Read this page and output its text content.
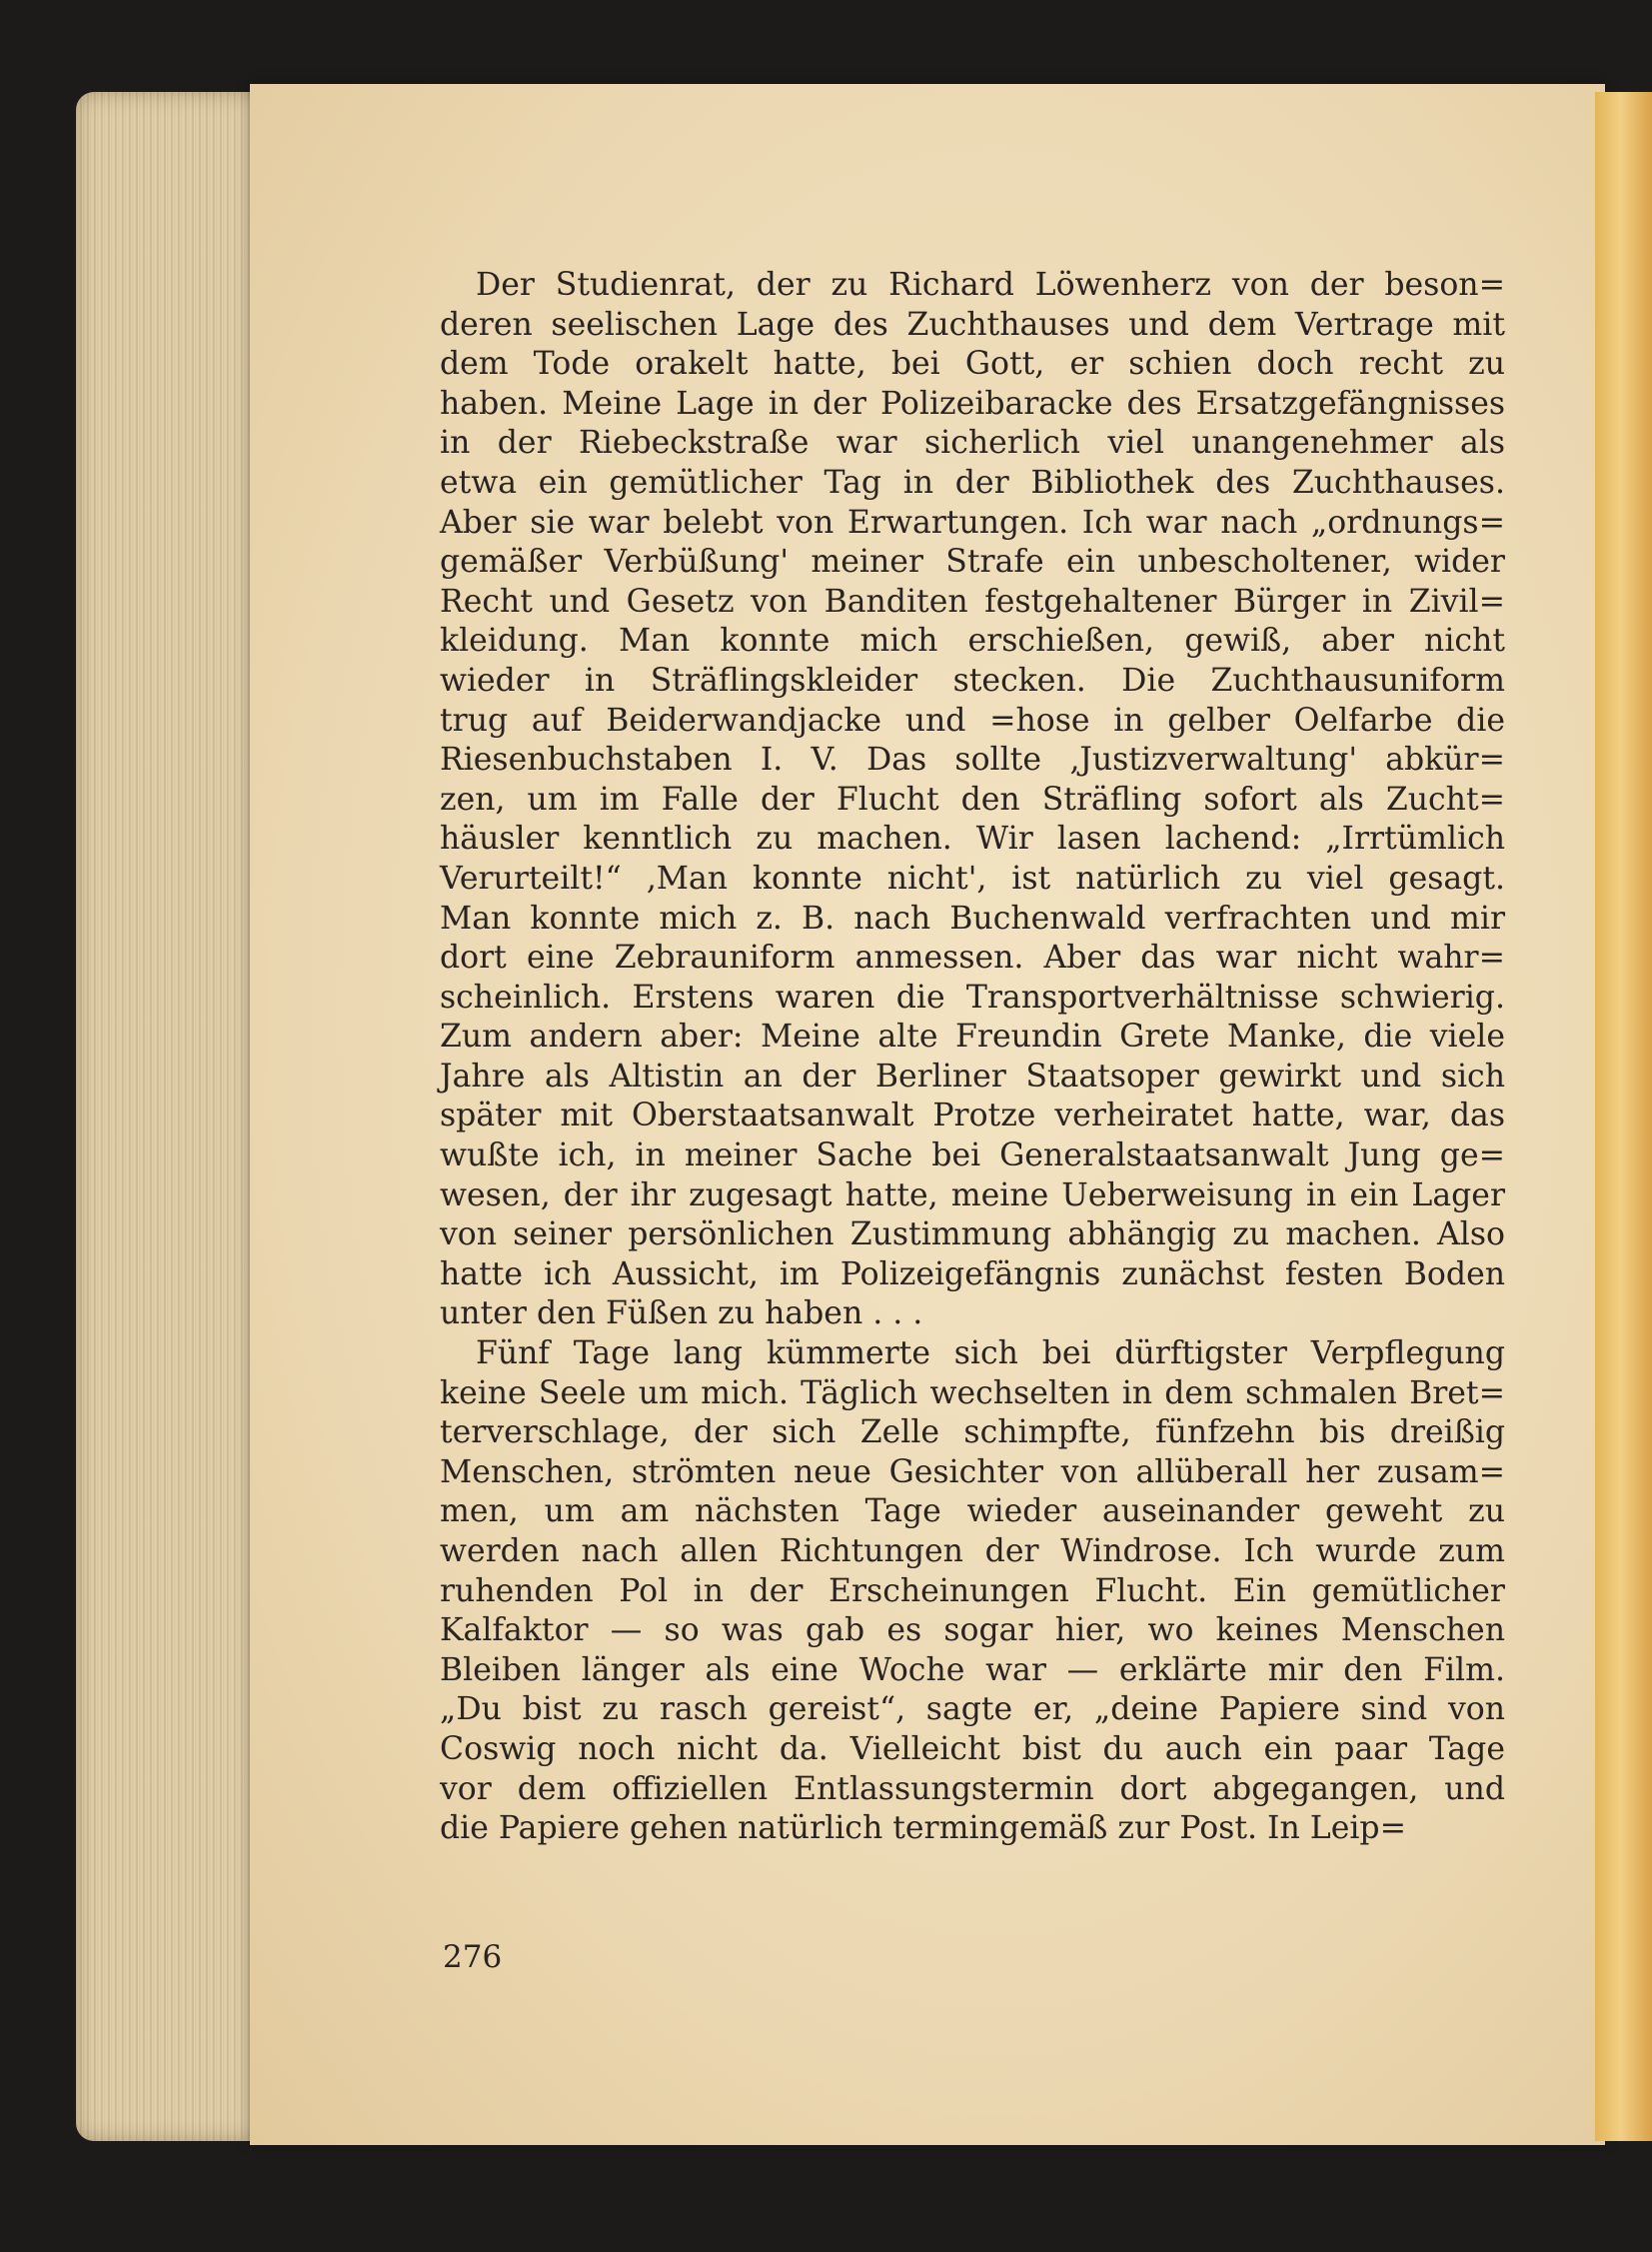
Der Studienrat, der zu Richard Löwenherz von der beson=
deren seelischen Lage des Zuchthauses und dem Vertrage mit
dem Tode orakelt hatte, bei Gott, er schien doch recht zu
haben. Meine Lage in der Polizeibaracke des Ersatzgefängnisses
in der Riebeckstraße war sicherlich viel unangenehmer als
etwa ein gemütlicher Tag in der Bibliothek des Zuchthauses.
Aber sie war belebt von Erwartungen. Ich war nach „ordnungs=
gemäßer Verbüßung' meiner Strafe ein unbescholtener, wider
Recht und Gesetz von Banditen festgehaltener Bürger in Zivil=
kleidung. Man konnte mich erschießen, gewiß, aber nicht
wieder in Sträflingskleider stecken. Die Zuchthausuniform
trug auf Beiderwandjacke und =hose in gelber Oelfarbe die
Riesenbuchstaben I. V. Das sollte ‚Justizverwaltung' abkür=
zen, um im Falle der Flucht den Sträfling sofort als Zucht=
häusler kenntlich zu machen. Wir lasen lachend: „Irrtümlich
Verurteilt!“ ‚Man konnte nicht', ist natürlich zu viel gesagt.
Man konnte mich z. B. nach Buchenwald verfrachten und mir
dort eine Zebrauniform anmessen. Aber das war nicht wahr=
scheinlich. Erstens waren die Transportverhältnisse schwierig.
Zum andern aber: Meine alte Freundin Grete Manke, die viele
Jahre als Altistin an der Berliner Staatsoper gewirkt und sich
später mit Oberstaatsanwalt Protze verheiratet hatte, war, das
wußte ich, in meiner Sache bei Generalstaatsanwalt Jung ge=
wesen, der ihr zugesagt hatte, meine Ueberweisung in ein Lager
von seiner persönlichen Zustimmung abhängig zu machen. Also
hatte ich Aussicht, im Polizeigefängnis zunächst festen Boden
unter den Füßen zu haben . . .
Fünf Tage lang kümmerte sich bei dürftigster Verpflegung
keine Seele um mich. Täglich wechselten in dem schmalen Bret=
terverschlage, der sich Zelle schimpfte, fünfzehn bis dreißig
Menschen, strömten neue Gesichter von allüberall her zusam=
men, um am nächsten Tage wieder auseinander geweht zu
werden nach allen Richtungen der Windrose. Ich wurde zum
ruhenden Pol in der Erscheinungen Flucht. Ein gemütlicher
Kalfaktor — so was gab es sogar hier, wo keines Menschen
Bleiben länger als eine Woche war — erklärte mir den Film.
„Du bist zu rasch gereist“, sagte er, „deine Papiere sind von
Coswig noch nicht da. Vielleicht bist du auch ein paar Tage
vor dem offiziellen Entlassungstermin dort abgegangen, und
die Papiere gehen natürlich termingemäß zur Post. In Leip=
276
